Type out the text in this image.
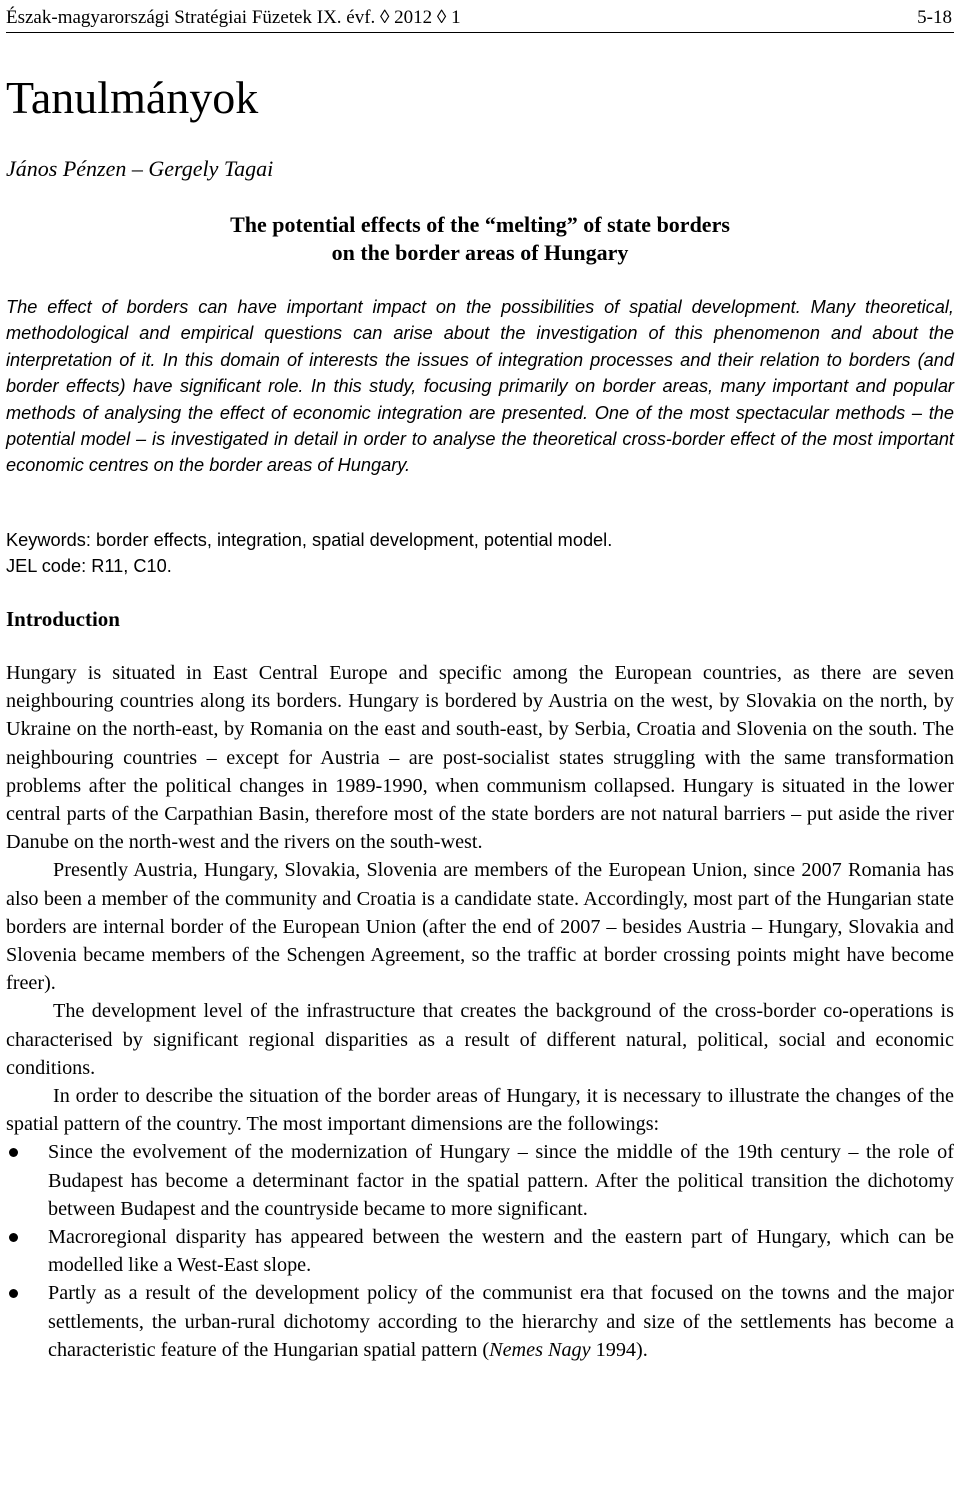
Észak-magyarországi Stratégiai Füzetek IX. évf. ◊ 2012 ◊ 1	5-18
Tanulmányok
János Pénzen – Gergely Tagai
The potential effects of the “melting” of state borders
on the border areas of Hungary

The effect of borders can have important impact on the possibilities of spatial development. Many theoretical, methodological and empirical questions can arise about the investigation of this phenomenon and about the interpretation of it. In this domain of interests the issues of integration processes and their relation to borders (and border effects) have significant role. In this study, focusing primarily on border areas, many important and popular methods of analysing the effect of economic integration are presented. One of the most spectacular methods – the potential model – is investigated in detail in order to analyse the theoretical cross-border effect of the most important economic centres on the border areas of Hungary.

Keywords: border effects, integration, spatial development, potential model.
JEL code: R11, C10.
Introduction

Hungary is situated in East Central Europe and specific among the European countries, as there are seven neighbouring countries along its borders. Hungary is bordered by Austria on the west, by Slovakia on the north, by Ukraine on the north-east, by Romania on the east and south-east, by Serbia, Croatia and Slovenia on the south. The neighbouring countries – except for Austria – are post-socialist states struggling with the same transformation problems after the political changes in 1989-1990, when communism collapsed. Hungary is situated in the lower central parts of the Carpathian Basin, therefore most of the state borders are not natural barriers – put aside the river Danube on the north-west and the rivers on the south-west.

Presently Austria, Hungary, Slovakia, Slovenia are members of the European Union, since 2007 Romania has also been a member of the community and Croatia is a candidate state. Accordingly, most part of the Hungarian state borders are internal border of the European Union (after the end of 2007 – besides Austria – Hungary, Slovakia and Slovenia became members of the Schengen Agreement, so the traffic at border crossing points might have become freer).

The development level of the infrastructure that creates the background of the cross-border co-operations is characterised by significant regional disparities as a result of different natural, political, social and economic conditions.

In order to describe the situation of the border areas of Hungary, it is necessary to illustrate the changes of the spatial pattern of the country. The most important dimensions are the followings:

Since the evolvement of the modernization of Hungary – since the middle of the 19th century – the role of Budapest has become a determinant factor in the spatial pattern. After the political transition the dichotomy between Budapest and the countryside became to more significant.
Macroregional disparity has appeared between the western and the eastern part of Hungary, which can be modelled like a West-East slope.
Partly as a result of the development policy of the communist era that focused on the towns and the major settlements, the urban-rural dichotomy according to the hierarchy and size of the settlements has become a characteristic feature of the Hungarian spatial pattern (Nemes Nagy 1994).
